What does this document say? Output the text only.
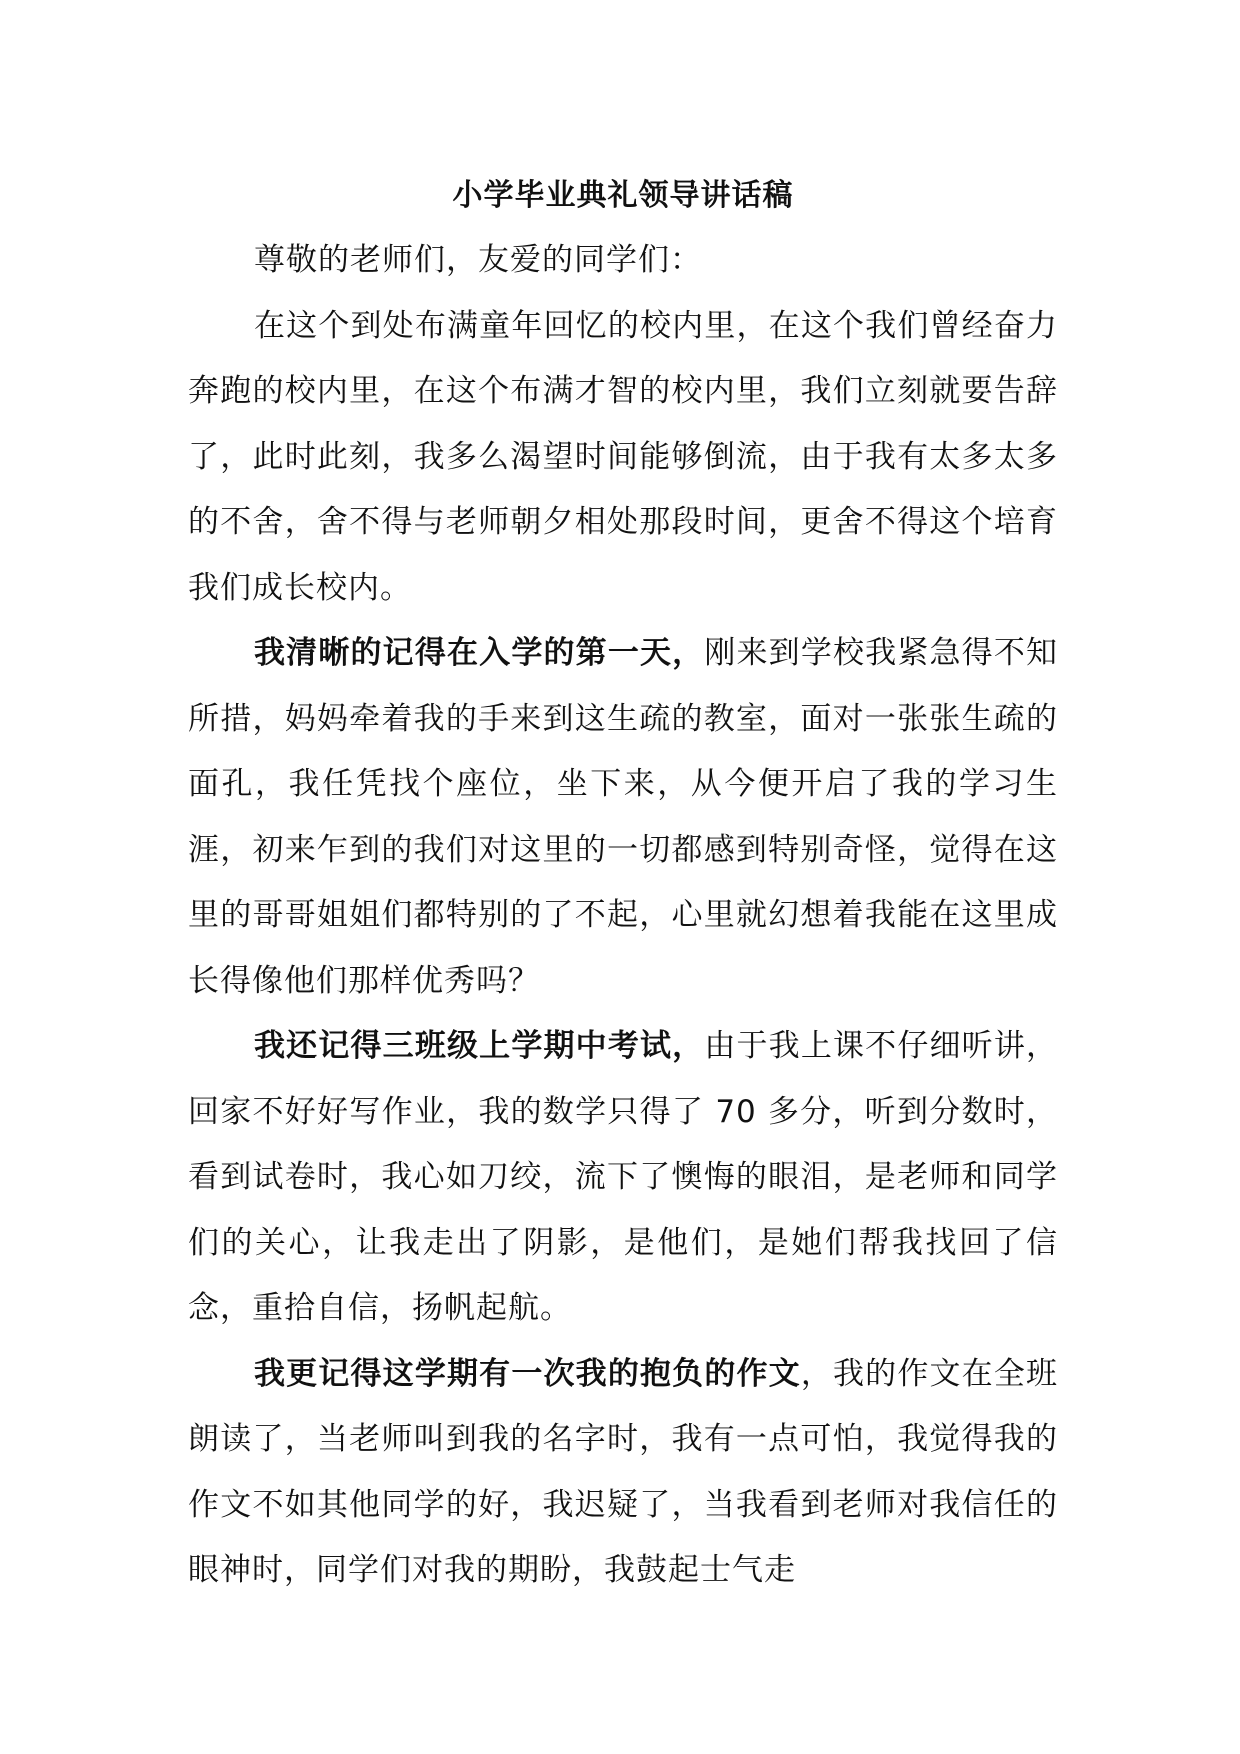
小学毕业典礼领导讲话稿

尊敬的老师们，友爱的同学们：

在这个到处布满童年回忆的校内里，在这个我们曾经奋力奔跑的校内里，在这个布满才智的校内里，我们立刻就要告辞了，此时此刻，我多么渴望时间能够倒流，由于我有太多太多的不舍，舍不得与老师朝夕相处那段时间，更舍不得这个培育我们成长校内。

我清晰的记得在入学的第一天，刚来到学校我紧急得不知所措，妈妈牵着我的手来到这生疏的教室，面对一张张生疏的面孔，我任凭找个座位，坐下来，从今便开启了我的学习生涯，初来乍到的我们对这里的一切都感到特别奇怪，觉得在这里的哥哥姐姐们都特别的了不起，心里就幻想着我能在这里成长得像他们那样优秀吗？

我还记得三班级上学期中考试，由于我上课不仔细听讲，回家不好好写作业，我的数学只得了 70 多分，听到分数时，看到试卷时，我心如刀绞，流下了懊悔的眼泪，是老师和同学们的关心，让我走出了阴影，是他们，是她们帮我找回了信念，重拾自信，扬帆起航。

我更记得这学期有一次我的抱负的作文，我的作文在全班朗读了，当老师叫到我的名字时，我有一点可怕，我觉得我的作文不如其他同学的好，我迟疑了，当我看到老师对我信任的眼神时，同学们对我的期盼，我鼓起士气走
